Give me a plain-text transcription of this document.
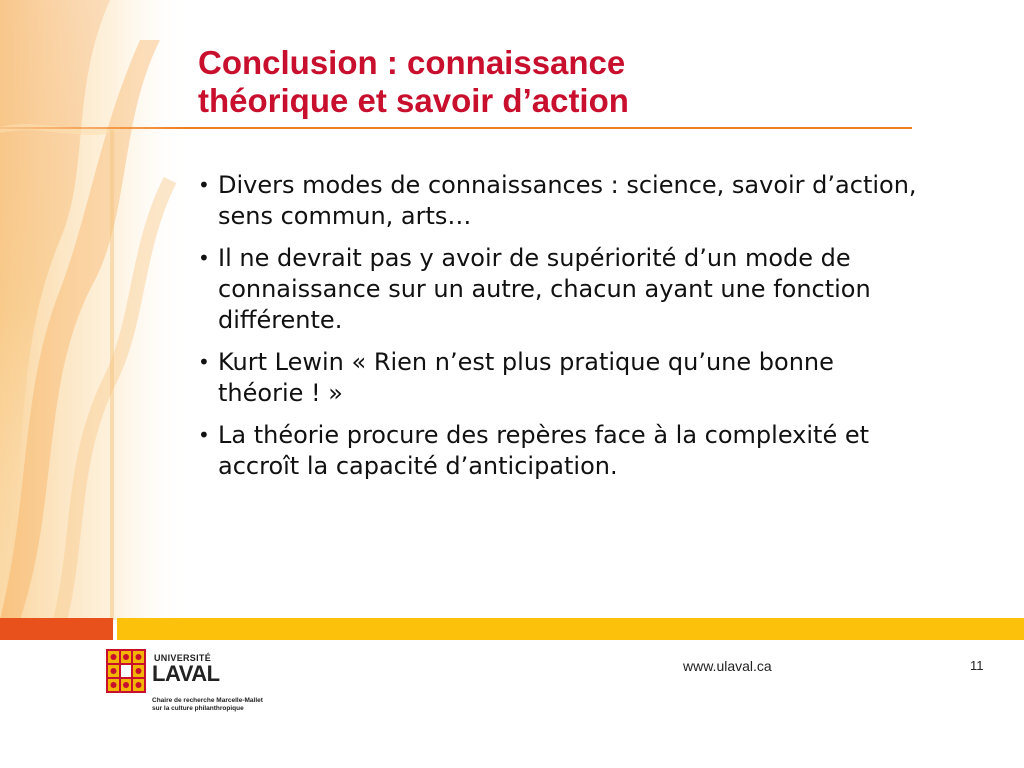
Conclusion : connaissance
théorique et savoir d’action
• Divers modes de connaissances : science, savoir d’action, sens commun, arts…
• Il ne devrait pas y avoir de supériorité d’un mode de connaissance sur un autre, chacun ayant une fonction différente.
• Kurt Lewin « Rien n’est plus pratique qu’une bonne théorie ! »
• La théorie procure des repères face à la complexité et accroît la capacité d’anticipation.
UNIVERSITÉ
LAVAL
Chaire de recherche Marcelle-Mallet
sur la culture philanthropique
www.ulaval.ca	11
